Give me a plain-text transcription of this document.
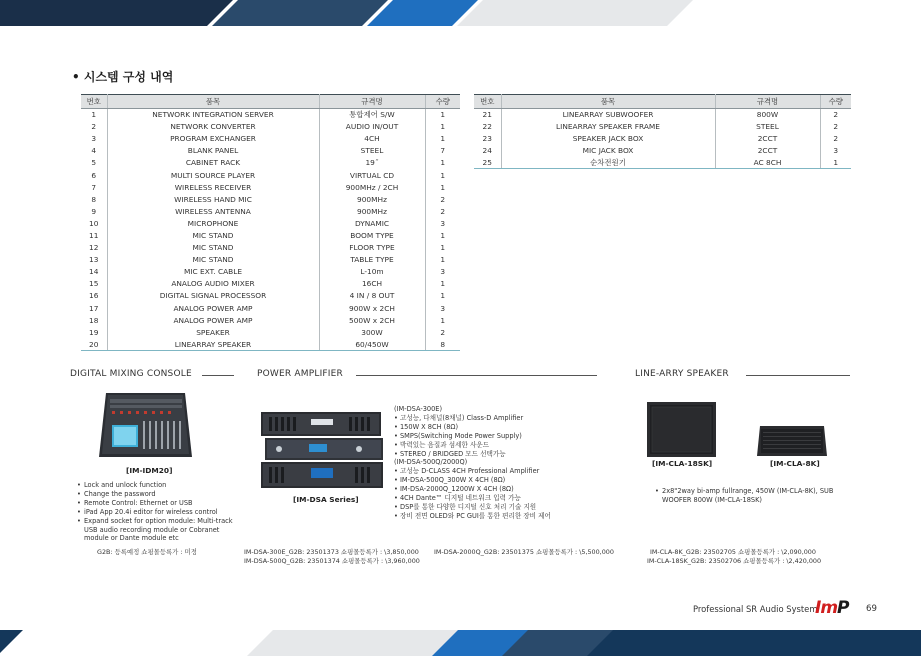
• 시스템 구성 내역
번호	품목	규격명	수량
1	NETWORK INTEGRATION SERVER	통합제어 S/W	1
2	NETWORK CONVERTER	AUDIO IN/OUT	1
3	PROGRAM EXCHANGER	4CH	1
4	BLANK PANEL	STEEL	7
5	CABINET RACK	19˝	1
6	MULTI SOURCE PLAYER	VIRTUAL CD	1
7	WIRELESS RECEIVER	900MHz / 2CH	1
8	WIRELESS HAND MIC	900MHz	2
9	WIRELESS ANTENNA	900MHz	2
10	MICROPHONE	DYNAMIC	3
11	MIC STAND	BOOM TYPE	1
12	MIC STAND	FLOOR TYPE	1
13	MIC STAND	TABLE TYPE	1
14	MIC EXT. CABLE	L-10m	3
15	ANALOG AUDIO MIXER	16CH	1
16	DIGITAL SIGNAL PROCESSOR	4 IN / 8 OUT	1
17	ANALOG POWER AMP	900W x 2CH	3
18	ANALOG POWER AMP	500W x 2CH	1
19	SPEAKER	300W	2
20	LINEARRAY SPEAKER	60/450W	8
번호	품목	규격명	수량
21	LINEARRAY SUBWOOFER	800W	2
22	LINEARRAY SPEAKER FRAME	STEEL	2
23	SPEAKER JACK BOX	2CCT	2
24	MIC JACK BOX	2CCT	3
25	순차전원기	AC 8CH	1
DIGITAL MIXING CONSOLE	POWER AMPLIFIER	LINE-ARRY SPEAKER
[IM-IDM20]
• Lock and unlock function
• Change the password
• Remote Control: Ethernet or USB
• iPad App 20.4i editor for wireless control
• Expand socket for option module: Multi-track USB audio recording module or Cobranet module or Dante module etc
G2B: 등록예정 쇼핑몰등록가 : 미정
[IM-DSA Series]
(IM-DSA-300E)
• 고성능, 다채널(8채널) Class-D Amplifier
• 150W X 8CH (8Ω)
• SMPS(Switching Mode Power Supply)
• 박력있는 음질과 섬세한 사운드
• STEREO / BRIDGED 모드 선택가능
(IM-DSA-500Q/2000Q)
• 고성능 D-CLASS 4CH Professional Amplifier
• IM-DSA-500Q_300W X 4CH (8Ω)
• IM-DSA-2000Q_1200W X 4CH (8Ω)
• 4CH Dante™ 디지털 네트워크 입력 가능
• DSP를 통한 다양한 디지털 신호 처리 기술 지원
• 장비 전면 OLED와 PC GUI를 통한 편리한 장비 제어
IM-DSA-300E_G2B: 23501373 쇼핑몰등록가 : \3,850,000
IM-DSA-500Q_G2B: 23501374 쇼핑몰등록가 : \3,960,000
IM-DSA-2000Q_G2B: 23501375 쇼핑몰등록가 : \5,500,000
[IM-CLA-18SK]	[IM-CLA-8K]
• 2x8"2way bi-amp fullrange, 450W (IM-CLA-8K), SUB WOOFER 800W (IM-CLA-18SK)
IM-CLA-8K_G2B: 23502705 쇼핑몰등록가 : \2,090,000
IM-CLA-18SK_G2B: 23502706 쇼핑몰등록가 : \2,420,000
Professional SR Audio System
ImP 69
